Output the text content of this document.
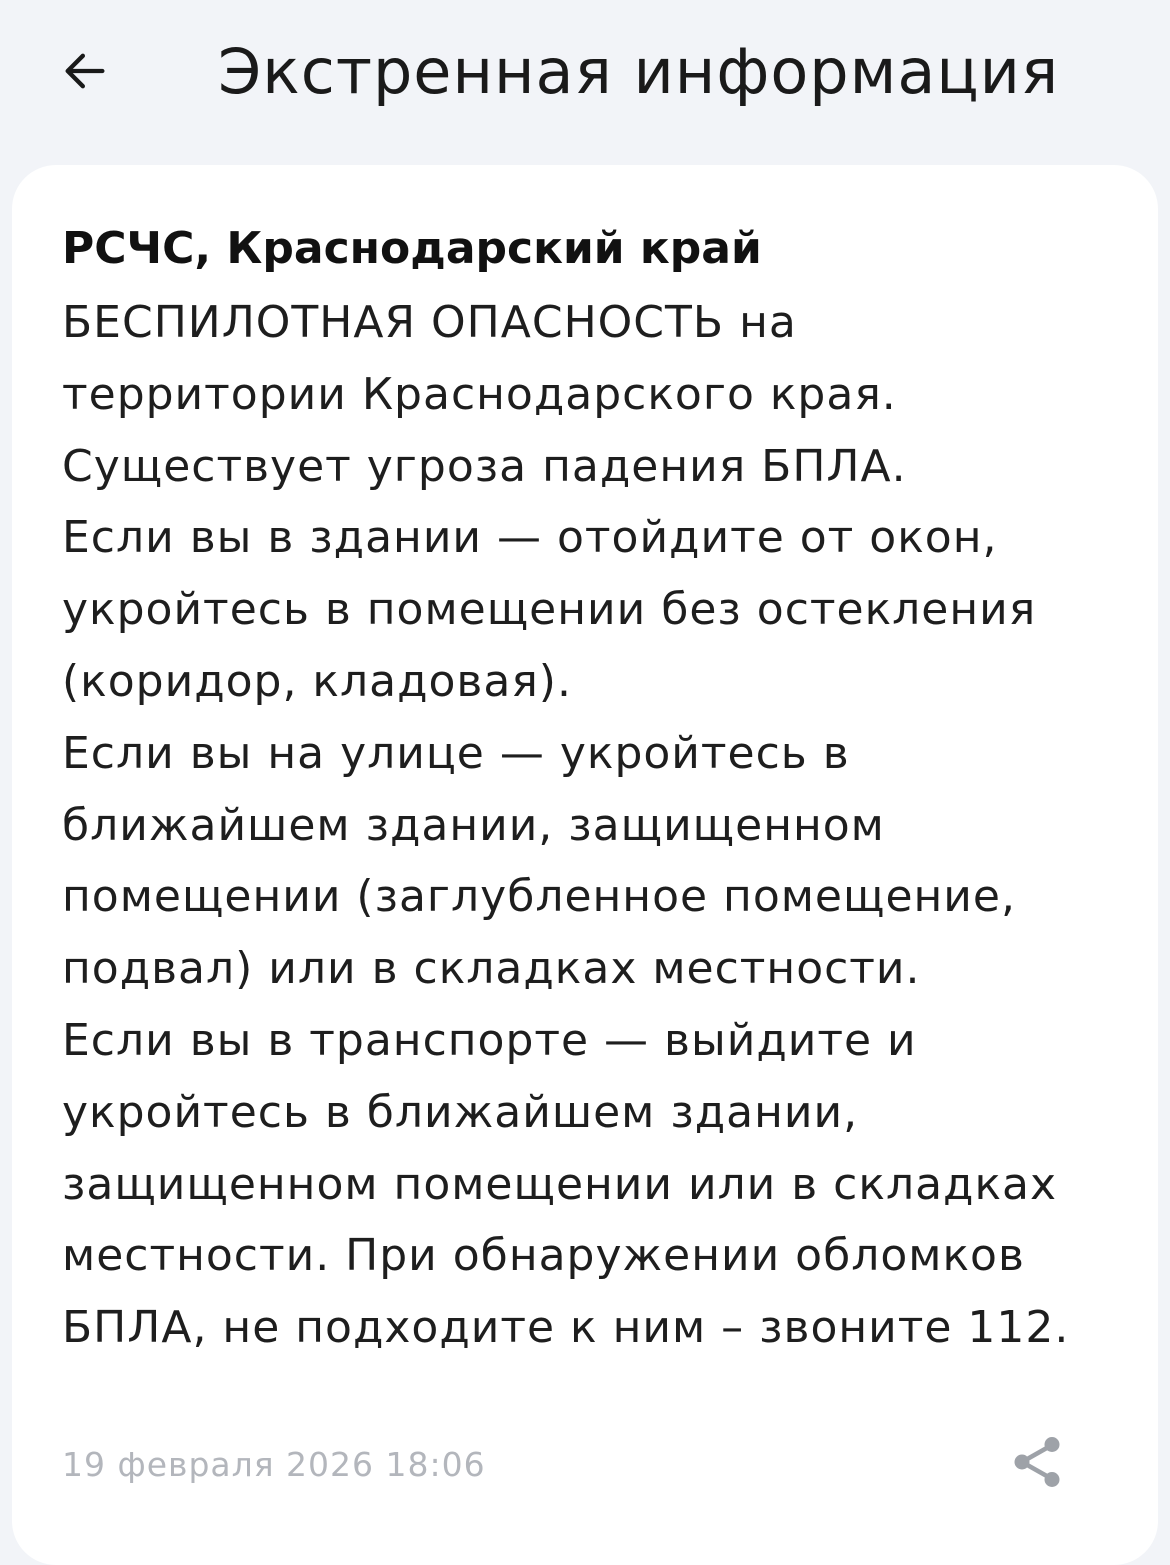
Экстренная информация
РСЧС, Краснодарский край
БЕСПИЛОТНАЯ ОПАСНОСТЬ на
территории Краснодарского края.
Существует угроза падения БПЛА.
Если вы в здании — отойдите от окон,
укройтесь в помещении без остекления
(коридор, кладовая).
Если вы на улице — укройтесь в
ближайшем здании, защищенном
помещении (заглубленное помещение,
подвал) или в складках местности.
Если вы в транспорте — выйдите и
укройтесь в ближайшем здании,
защищенном помещении или в складках
местности. При обнаружении обломков
БПЛА, не подходите к ним – звоните 112.
19 февраля 2026 18:06
